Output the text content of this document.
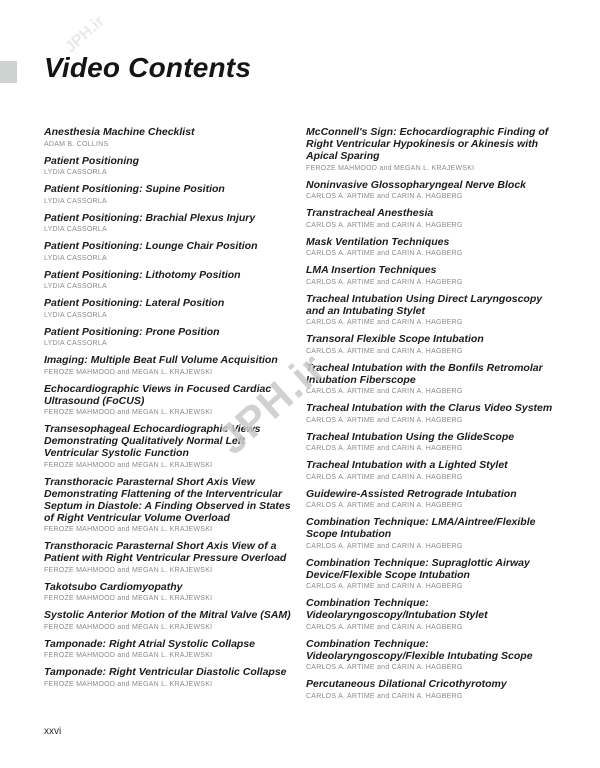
Video Contents
JPH.ir
Anesthesia Machine Checklist
ADAM B. COLLINS
Patient Positioning
LYDIA CASSORLA
Patient Positioning: Supine Position
LYDIA CASSORLA
Patient Positioning: Brachial Plexus Injury
LYDIA CASSORLA
Patient Positioning: Lounge Chair Position
LYDIA CASSORLA
Patient Positioning: Lithotomy Position
LYDIA CASSORLA
Patient Positioning: Lateral Position
LYDIA CASSORLA
Patient Positioning: Prone Position
LYDIA CASSORLA
Imaging: Multiple Beat Full Volume Acquisition
FEROZE MAHMOOD and MEGAN L. KRAJEWSKI
Echocardiographic Views in Focused Cardiac Ultrasound (FoCUS)
FEROZE MAHMOOD and MEGAN L. KRAJEWSKI
Transesophageal Echocardiographic Views Demonstrating Qualitatively Normal Left Ventricular Systolic Function
FEROZE MAHMOOD and MEGAN L. KRAJEWSKI
Transthoracic Parasternal Short Axis View Demonstrating Flattening of the Interventricular Septum in Diastole: A Finding Observed in States of Right Ventricular Volume Overload
FEROZE MAHMOOD and MEGAN L. KRAJEWSKI
Transthoracic Parasternal Short Axis View of a Patient with Right Ventricular Pressure Overload
FEROZE MAHMOOD and MEGAN L. KRAJEWSKI
Takotsubo Cardiomyopathy
FEROZE MAHMOOD and MEGAN L. KRAJEWSKI
Systolic Anterior Motion of the Mitral Valve (SAM)
FEROZE MAHMOOD and MEGAN L. KRAJEWSKI
Tamponade: Right Atrial Systolic Collapse
FEROZE MAHMOOD and MEGAN L. KRAJEWSKI
Tamponade: Right Ventricular Diastolic Collapse
FEROZE MAHMOOD and MEGAN L. KRAJEWSKI
McConnell's Sign: Echocardiographic Finding of Right Ventricular Hypokinesis or Akinesis with Apical Sparing
FEROZE MAHMOOD and MEGAN L. KRAJEWSKI
Noninvasive Glossopharyngeal Nerve Block
CARLOS A. ARTIME and CARIN A. HAGBERG
Transtracheal Anesthesia
CARLOS A. ARTIME and CARIN A. HAGBERG
Mask Ventilation Techniques
CARLOS A. ARTIME and CARIN A. HAGBERG
LMA Insertion Techniques
CARLOS A. ARTIME and CARIN A. HAGBERG
Tracheal Intubation Using Direct Laryngoscopy and an Intubating Stylet
CARLOS A. ARTIME and CARIN A. HAGBERG
Transoral Flexible Scope Intubation
CARLOS A. ARTIME and CARIN A. HAGBERG
Tracheal Intubation with the Bonfils Retromolar Intubation Fiberscope
CARLOS A. ARTIME and CARIN A. HAGBERG
Tracheal Intubation with the Clarus Video System
CARLOS A. ARTIME and CARIN A. HAGBERG
Tracheal Intubation Using the GlideScope
CARLOS A. ARTIME and CARIN A. HAGBERG
Tracheal Intubation with a Lighted Stylet
CARLOS A. ARTIME and CARIN A. HAGBERG
Guidewire-Assisted Retrograde Intubation
CARLOS A. ARTIME and CARIN A. HAGBERG
Combination Technique: LMA/Aintree/Flexible Scope Intubation
CARLOS A. ARTIME and CARIN A. HAGBERG
Combination Technique: Supraglottic Airway Device/Flexible Scope Intubation
CARLOS A. ARTIME and CARIN A. HAGBERG
Combination Technique: Videolaryngoscopy/Intubation Stylet
CARLOS A. ARTIME and CARIN A. HAGBERG
Combination Technique: Videolaryngoscopy/Flexible Intubating Scope
CARLOS A. ARTIME and CARIN A. HAGBERG
Percutaneous Dilational Cricothyrotomy
CARLOS A. ARTIME and CARIN A. HAGBERG
JPH.ir
xxvi
